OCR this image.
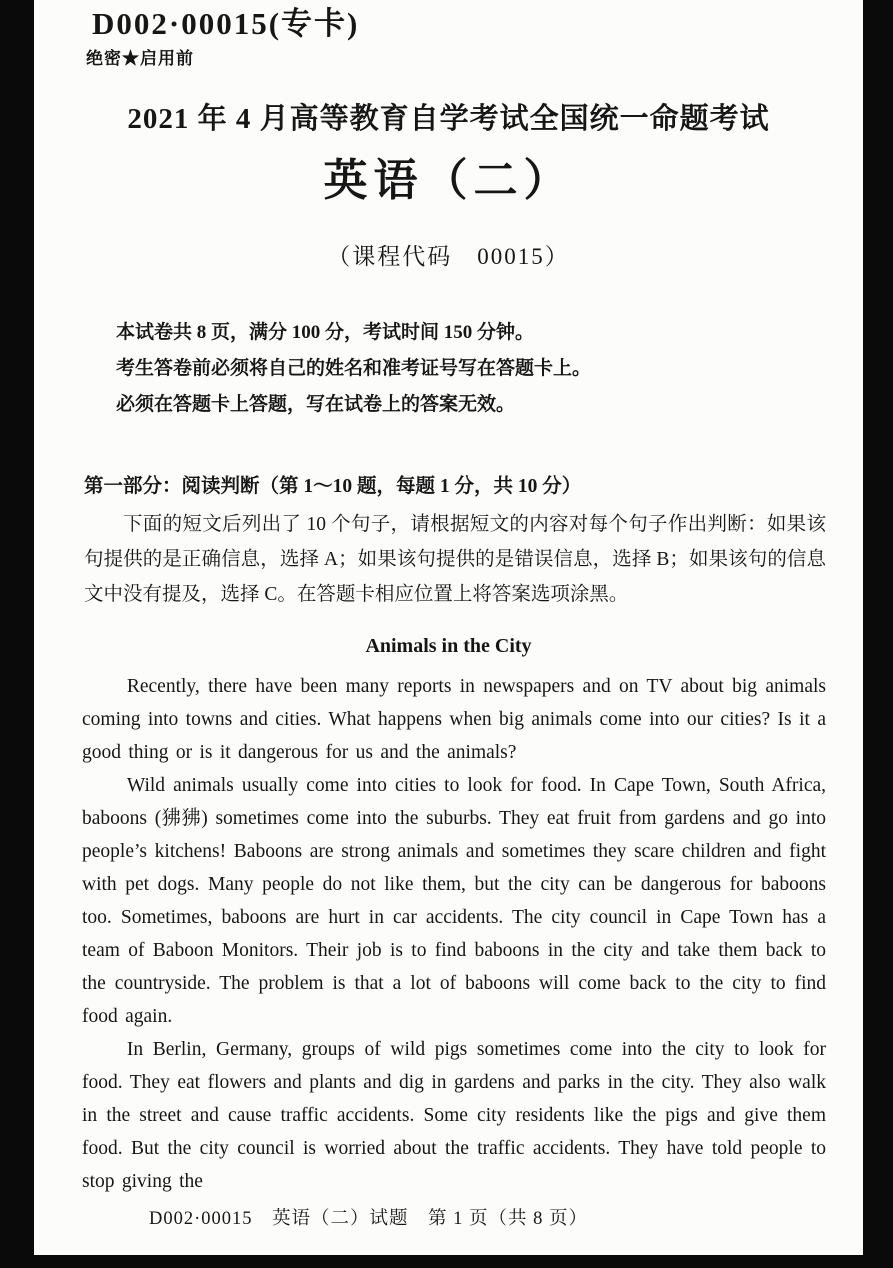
D002·00015(专卡)
绝密★启用前
2021 年 4 月高等教育自学考试全国统一命题考试
英语（二）
（课程代码　00015）

本试卷共 8 页，满分 100 分，考试时间 150 分钟。

考生答卷前必须将自己的姓名和准考证号写在答题卡上。

必须在答题卡上答题，写在试卷上的答案无效。

第一部分：阅读判断（第 1～10 题，每题 1 分，共 10 分）

下面的短文后列出了 10 个句子，请根据短文的内容对每个句子作出判断：如果该句提供的是正确信息，选择 A；如果该句提供的是错误信息，选择 B；如果该句的信息文中没有提及，选择 C。在答题卡相应位置上将答案选项涂黑。

Animals in the City

Recently, there have been many reports in newspapers and on TV about big animals coming into towns and cities. What happens when big animals come into our cities? Is it a good thing or is it dangerous for us and the animals?

Wild animals usually come into cities to look for food. In Cape Town, South Africa, baboons (狒狒) sometimes come into the suburbs. They eat fruit from gardens and go into people’s kitchens! Baboons are strong animals and sometimes they scare children and fight with pet dogs. Many people do not like them, but the city can be dangerous for baboons too. Sometimes, baboons are hurt in car accidents. The city council in Cape Town has a team of Baboon Monitors. Their job is to find baboons in the city and take them back to the countryside. The problem is that a lot of baboons will come back to the city to find food again.

In Berlin, Germany, groups of wild pigs sometimes come into the city to look for food. They eat flowers and plants and dig in gardens and parks in the city. They also walk in the street and cause traffic accidents. Some city residents like the pigs and give them food. But the city council is worried about the traffic accidents. They have told people to stop giving the

D002·00015　英语（二）试题　第 1 页（共 8 页）
